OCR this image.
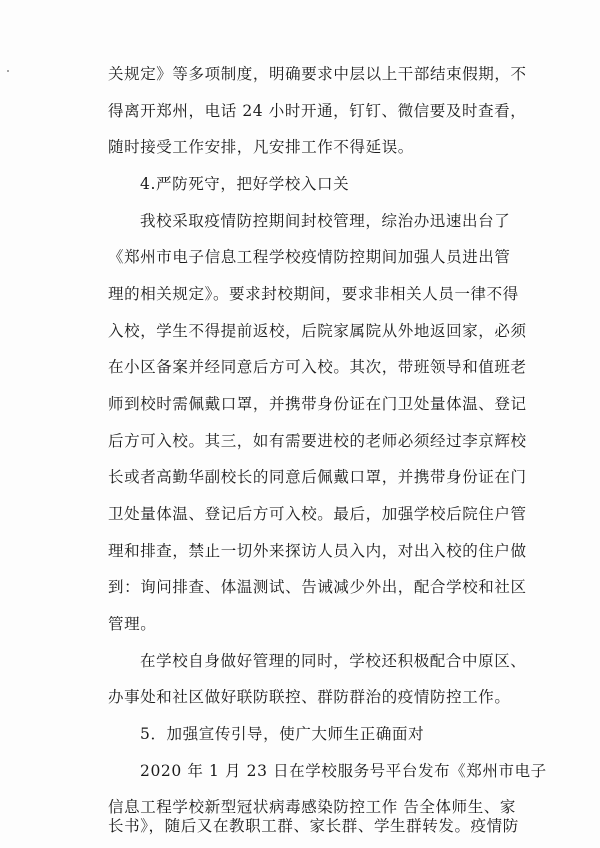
关规定》等多项制度，明确要求中层以上干部结束假期，不
得离开郑州，电话 24 小时开通，钉钉、微信要及时查看，
随时接受工作安排，凡安排工作不得延误。
4.严防死守，把好学校入口关
我校采取疫情防控期间封校管理，综治办迅速出台了
《郑州市电子信息工程学校疫情防控期间加强人员进出管
理的相关规定》。要求封校期间，要求非相关人员一律不得
入校，学生不得提前返校，后院家属院从外地返回家，必须
在小区备案并经同意后方可入校。其次，带班领导和值班老
师到校时需佩戴口罩，并携带身份证在门卫处量体温、登记
后方可入校。其三，如有需要进校的老师必须经过李京辉校
长或者高勤华副校长的同意后佩戴口罩，并携带身份证在门
卫处量体温、登记后方可入校。最后，加强学校后院住户管
理和排查，禁止一切外来探访人员入内，对出入校的住户做
到：询问排查、体温测试、告诫减少外出，配合学校和社区
管理。
在学校自身做好管理的同时，学校还积极配合中原区、
办事处和社区做好联防联控、群防群治的疫情防控工作。
5．加强宣传引导，使广大师生正确面对
2020 年 1 月 23 日在学校服务号平台发布《郑州市电子
信息工程学校新型冠状病毒感染防控工作 告全体师生、家
长书》，随后又在教职工群、家长群、学生群转发。疫情防
